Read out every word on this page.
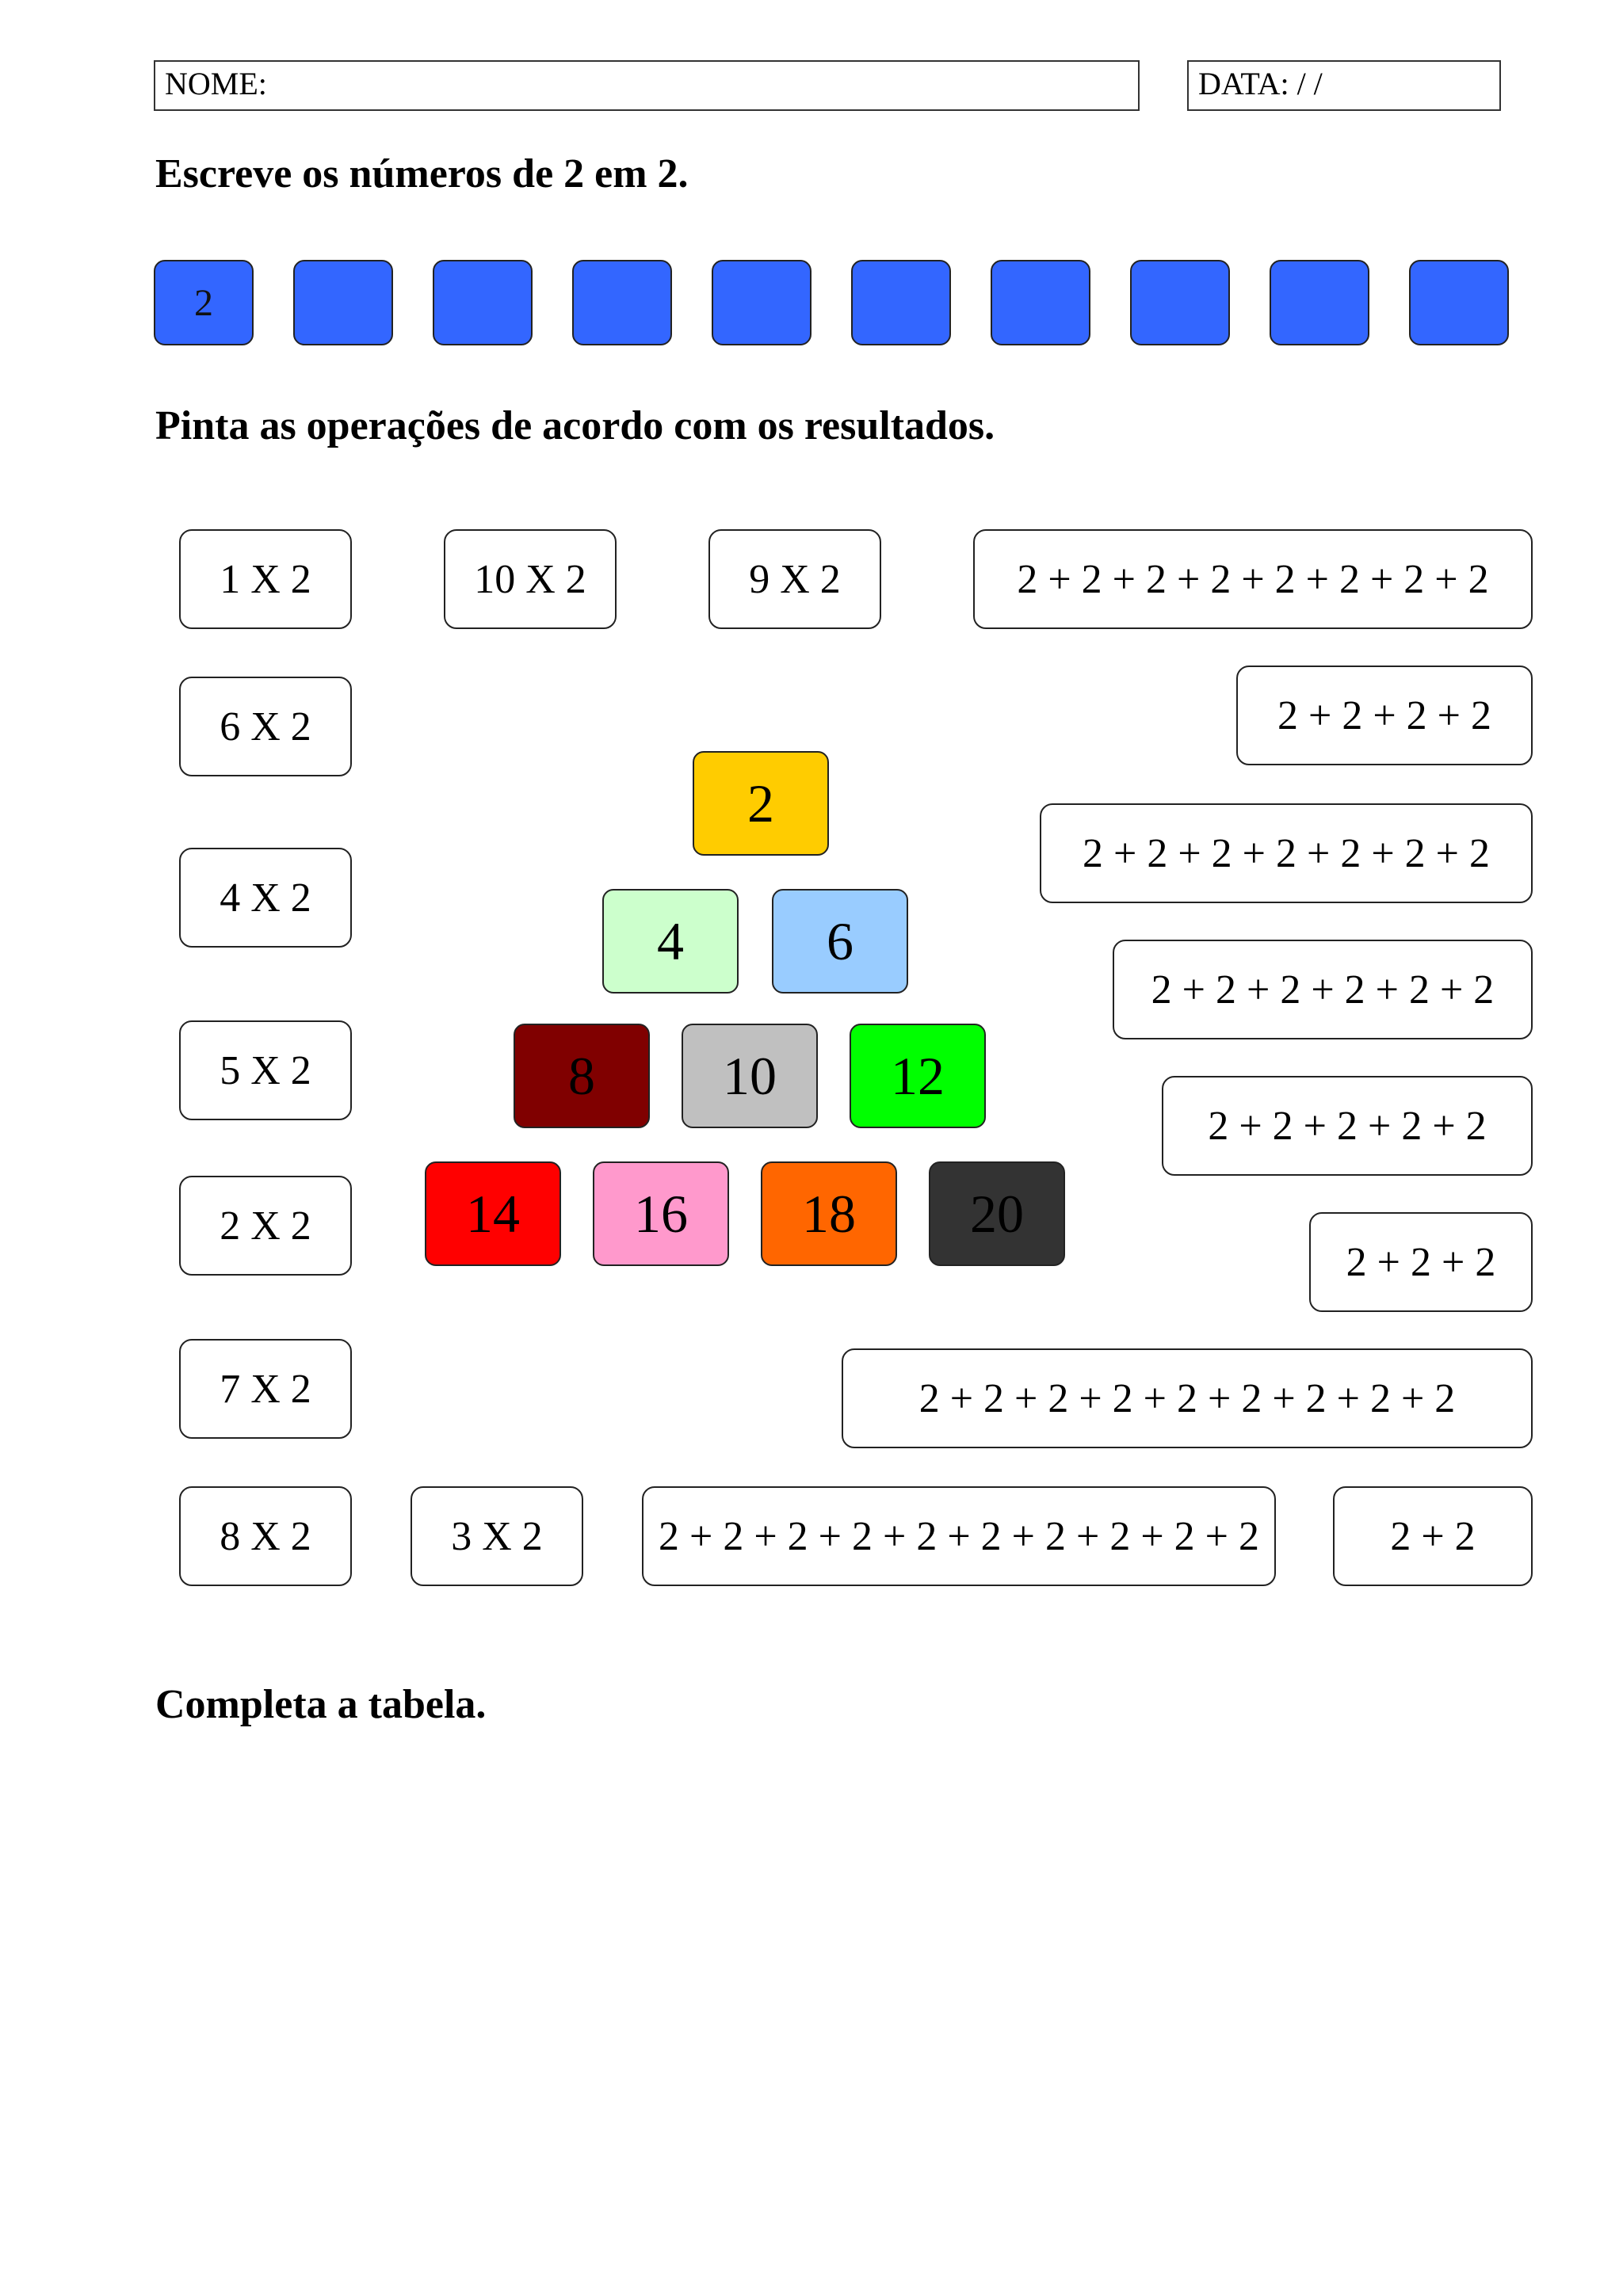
NOME:	DATA: / /
Escreve os números de 2 em 2.
2
Pinta as operações de acordo com os resultados.
1 X 2	10 X 2	9 X 2	2 + 2 + 2 + 2 + 2 + 2 + 2 + 2
6 X 2	2 + 2 + 2 + 2
2 + 2 + 2 + 2 + 2 + 2 + 2
4 X 2
2 + 2 + 2 + 2 + 2 + 2
5 X 2
2 + 2 + 2 + 2 + 2
2 X 2
2 + 2 + 2
7 X 2	2 + 2 + 2 + 2 + 2 + 2 + 2 + 2 + 2
8 X 2	3 X 2	2 + 2 + 2 + 2 + 2 + 2 + 2 + 2 + 2 + 2	2 + 2
2
4	6
8	10	12
14	16	18	20
Completa a tabela.
